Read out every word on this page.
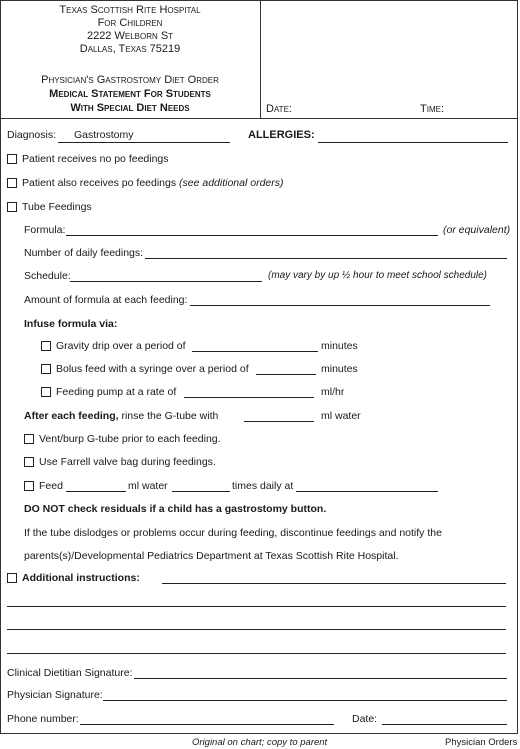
Texas Scottish Rite Hospital
For Children
2222 Welborn St
Dallas, Texas 75219
Physician's Gastrostomy Diet Order
Medical Statement For Students
With Special Diet Needs	Date:	Time:
Diagnosis: Gastrostomy	ALLERGIES:
Patient receives no po feedings
Patient also receives po feedings (see additional orders)
Tube Feedings
Formula:	(or equivalent)
Number of daily feedings:
Schedule:	(may vary by up ½ hour to meet school schedule)
Amount of formula at each feeding:
Infuse formula via:
Gravity drip over a period of	minutes
Bolus feed with a syringe over a period of	minutes
Feeding pump at a rate of	ml/hr
After each feeding, rinse the G-tube with	ml water
Vent/burp G-tube prior to each feeding.
Use Farrell valve bag during feedings.
Feed	ml water	times daily at
DO NOT check residuals if a child has a gastrostomy button.
If the tube dislodges or problems occur during feeding, discontinue feedings and notify the
parents(s)/Developmental Pediatrics Department at Texas Scottish Rite Hospital.
Additional instructions:
Clinical Dietitian Signature:
Physician Signature:
Phone number:	Date:
Original on chart; copy to parent	Physician Orders
